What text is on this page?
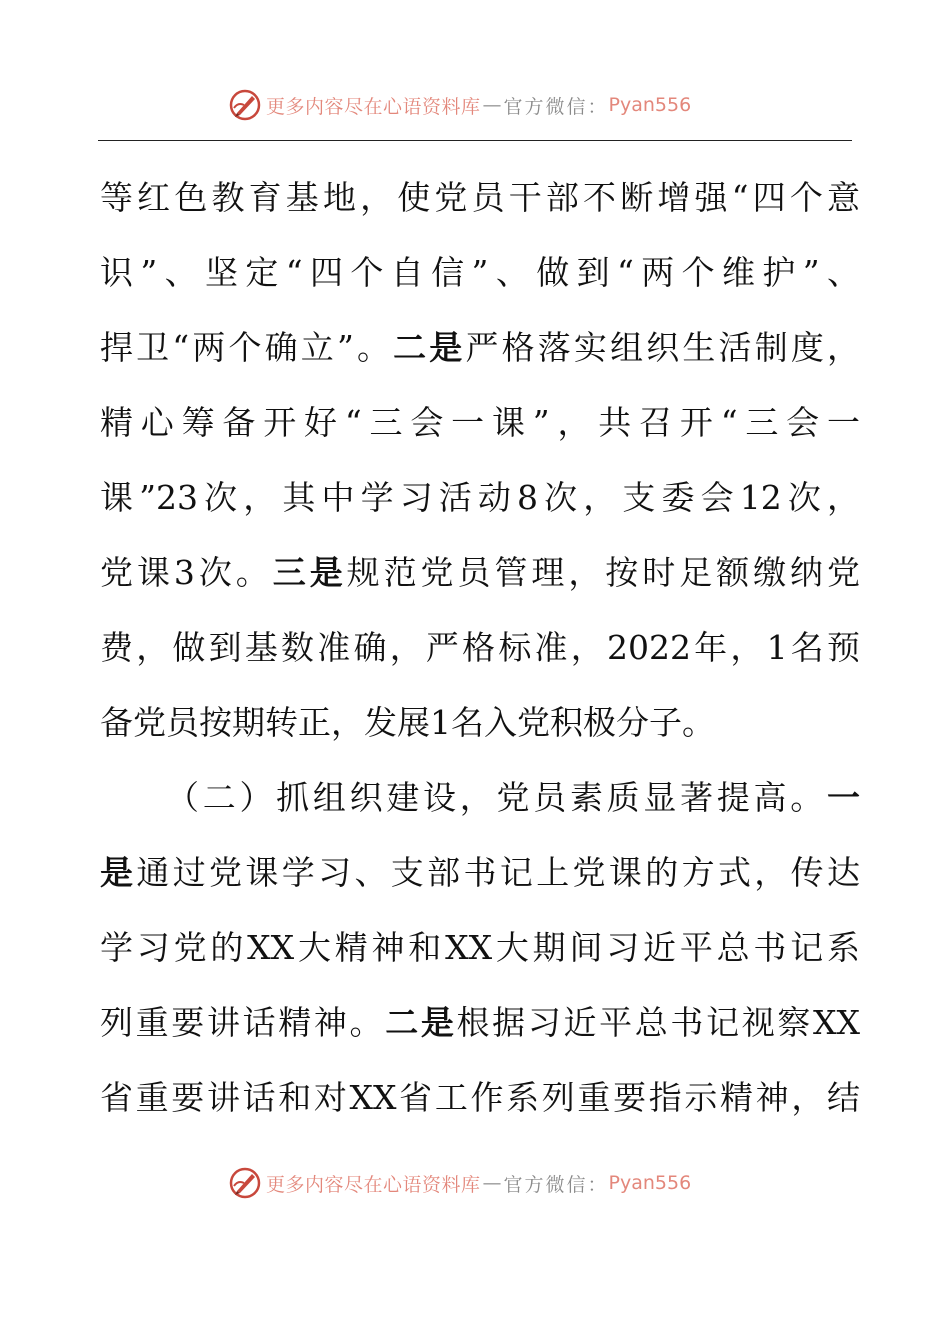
更多内容尽在心语资料库 — 官方微信： Pyan556
等红色教育基地，使党员干部不断增强“四个意
识”、坚定“四个自信”、做到“两个维护”、
捍卫“两个确立”。二是严格落实组织生活制度，
精心筹备开好“三会一课”，共召开“三会一
课”23次，其中学习活动8次，支委会12次，
党课3次。三是规范党员管理，按时足额缴纳党
费，做到基数准确，严格标准，2022年，1名预
备党员按期转正，发展1名入党积极分子。
（二）抓组织建设，党员素质显著提高。一
是通过党课学习、支部书记上党课的方式，传达
学习党的XX大精神和XX大期间习近平总书记系
列重要讲话精神。二是根据习近平总书记视察XX
省重要讲话和对XX省工作系列重要指示精神，结
更多内容尽在心语资料库 — 官方微信： Pyan556
